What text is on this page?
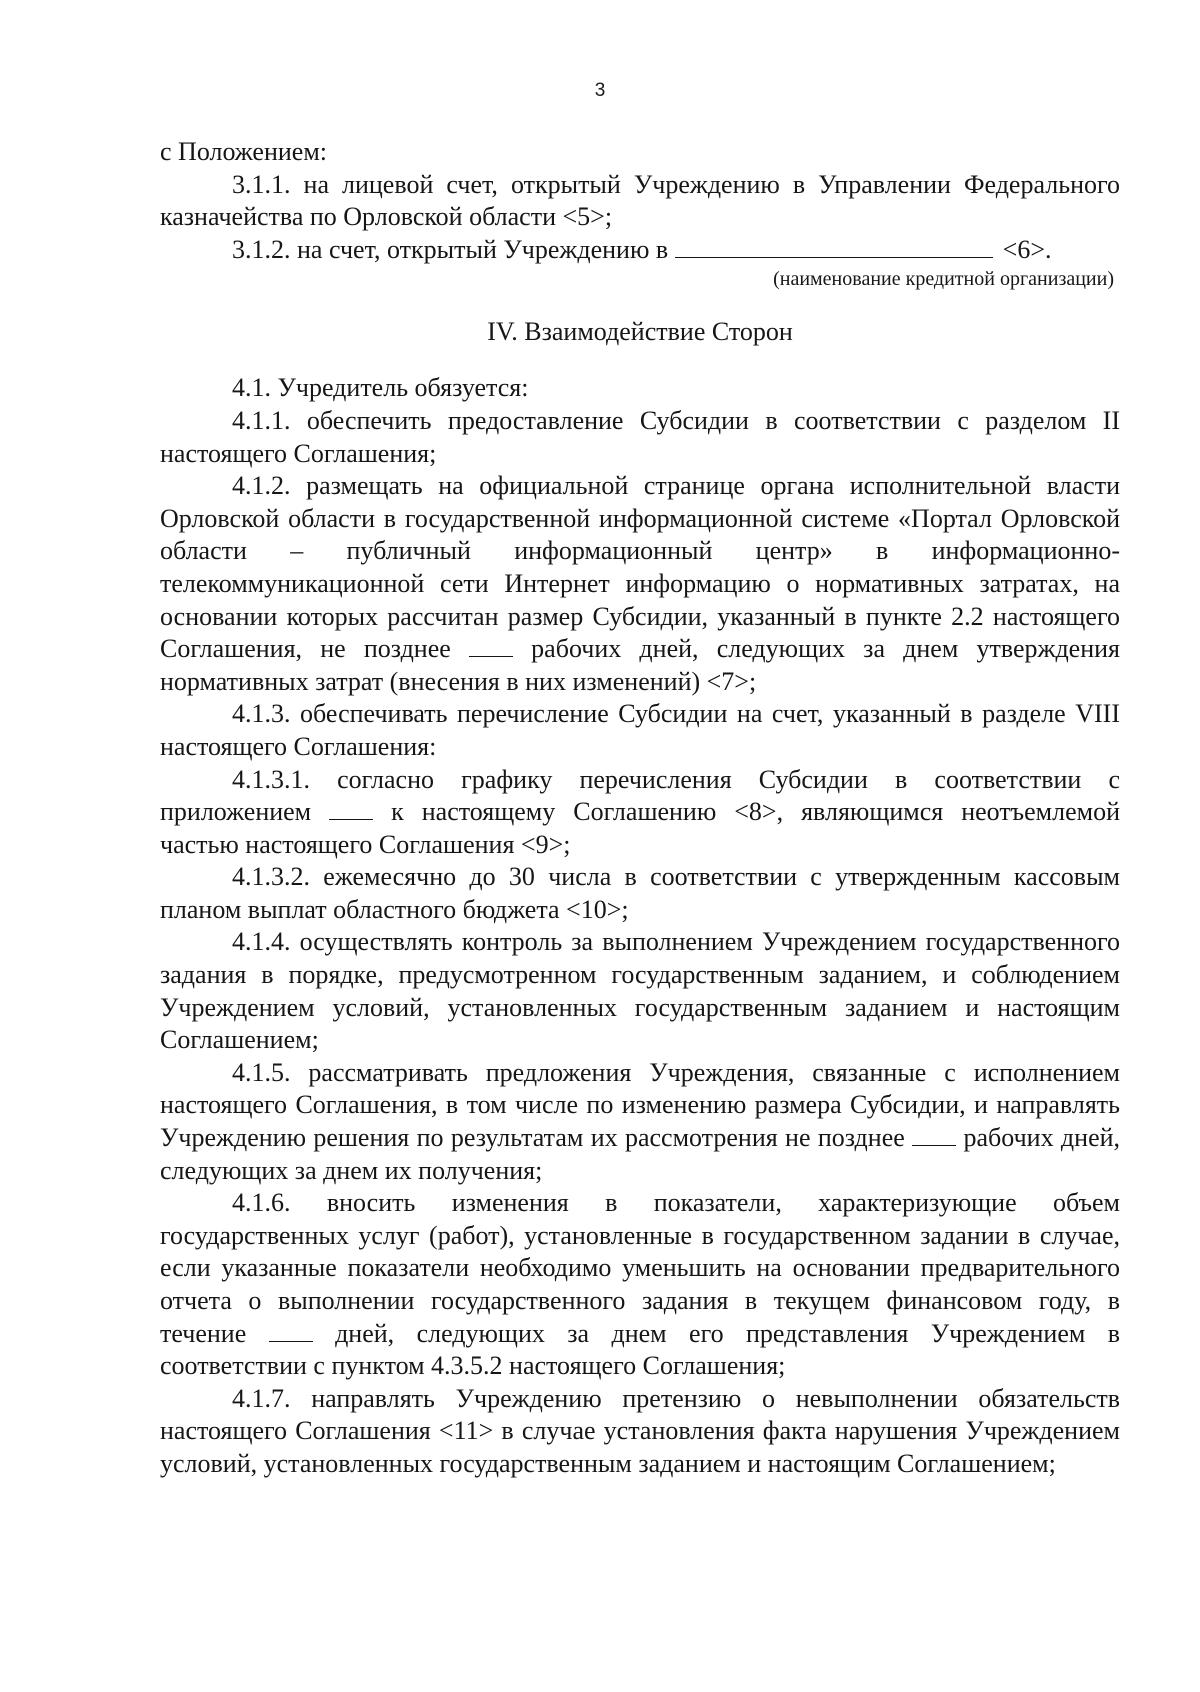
3

с Положением:

3.1.1. на лицевой счет, открытый Учреждению в Управлении Федерального казначейства по Орловской области <5>;

3.1.2. на счет, открытый Учреждению в	<6>.

(наименование кредитной организации)

IV. Взаимодействие Сторон

4.1. Учредитель обязуется:

4.1.1. обеспечить предоставление Субсидии в соответствии с разделом II настоящего Соглашения;

4.1.2. размещать на официальной странице органа исполнительной власти Орловской области в государственной информационной системе «Портал Орловской области – публичный информационный центр» в информационно-телекоммуникационной сети Интернет информацию о нормативных затратах, на основании которых рассчитан размер Субсидии, указанный в пункте 2.2 настоящего Соглашения, не позднее	рабочих дней, следующих за днем утверждения нормативных затрат (внесения в них изменений) <7>;

4.1.3. обеспечивать перечисление Субсидии на счет, указанный в разделе VIII настоящего Соглашения:

4.1.3.1. согласно графику перечисления Субсидии в соответствии с приложением	к настоящему Соглашению <8>, являющимся неотъемлемой частью настоящего Соглашения <9>;

4.1.3.2. ежемесячно до 30 числа в соответствии с утвержденным кассовым планом выплат областного бюджета <10>;

4.1.4. осуществлять контроль за выполнением Учреждением государственного задания в порядке, предусмотренном государственным заданием, и соблюдением Учреждением условий, установленных государственным заданием и настоящим Соглашением;

4.1.5. рассматривать предложения Учреждения, связанные с исполнением настоящего Соглашения, в том числе по изменению размера Субсидии, и направлять Учреждению решения по результатам их рассмотрения не позднее рабочих дней, следующих за днем их получения;

4.1.6. вносить изменения в показатели, характеризующие объем государственных услуг (работ), установленные в государственном задании в случае, если указанные показатели необходимо уменьшить на основании предварительного отчета о выполнении государственного задания в текущем финансовом году, в течение	дней, следующих за днем его представления Учреждением в соответствии с пунктом 4.3.5.2 настоящего Соглашения;

4.1.7. направлять Учреждению претензию о невыполнении обязательств настоящего Соглашения <11> в случае установления факта нарушения Учреждением условий, установленных государственным заданием и настоящим Соглашением;
